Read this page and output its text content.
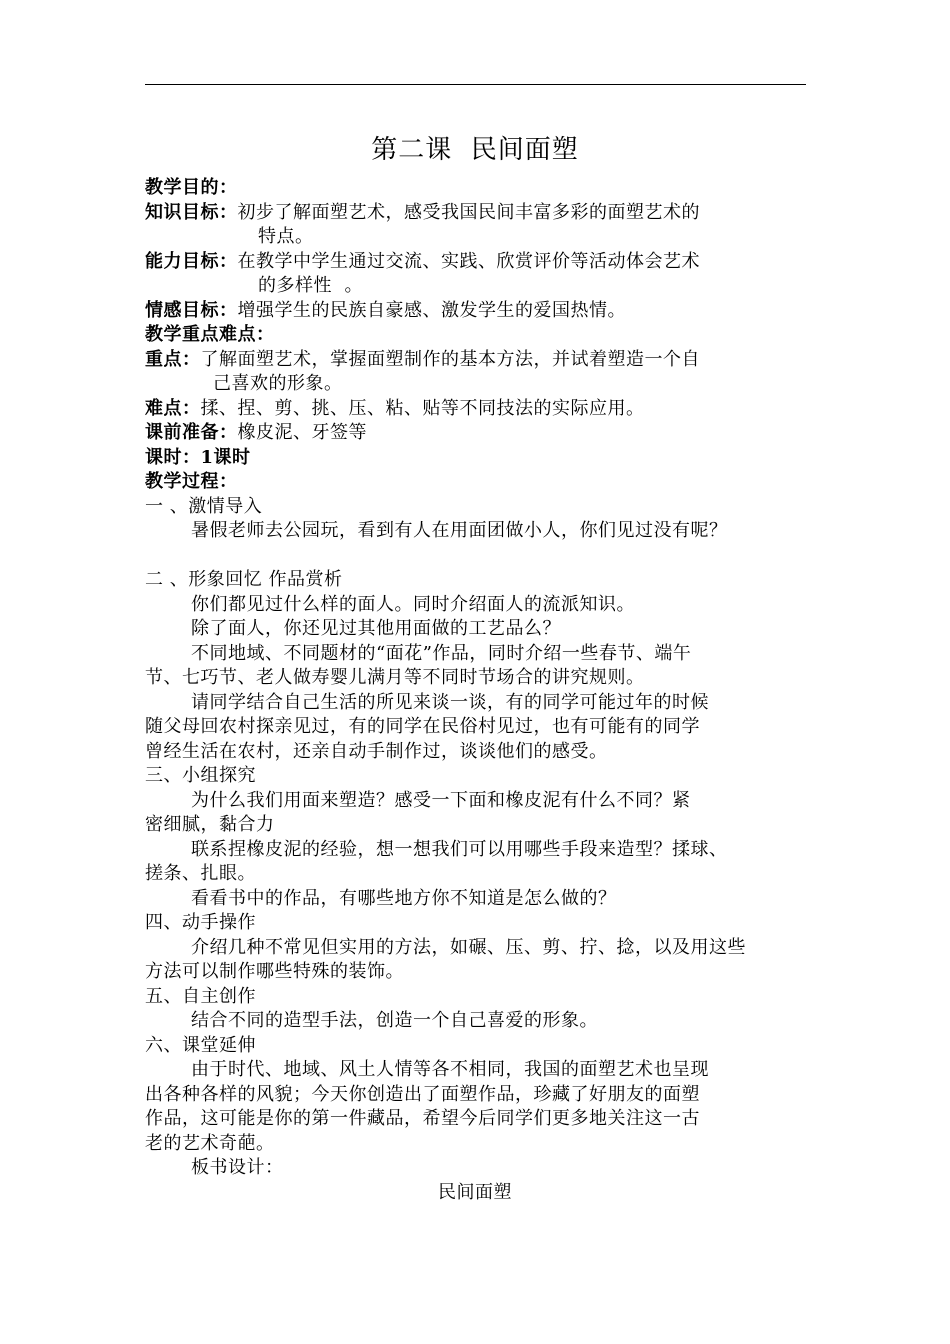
第二课  民间面塑
教学目的：
知识目标：初步了解面塑艺术，感受我国民间丰富多彩的面塑艺术的
特点。
能力目标：在教学中学生通过交流、实践、欣赏评价等活动体会艺术
的多样性  。
情感目标：增强学生的民族自豪感、激发学生的爱国热情。
教学重点难点：
重点：了解面塑艺术，掌握面塑制作的基本方法，并试着塑造一个自
己喜欢的形象。
难点：揉、捏、剪、挑、压、粘、贴等不同技法的实际应用。
课前准备：橡皮泥、牙签等
课时：1课时
教学过程：
一 、激情导入
暑假老师去公园玩，看到有人在用面团做小人，你们见过没有呢？
二 、形象回忆 作品赏析
你们都见过什么样的面人。同时介绍面人的流派知识。
除了面人，你还见过其他用面做的工艺品么？
不同地域、不同题材的“面花”作品，同时介绍一些春节、端午
节、七巧节、老人做寿婴儿满月等不同时节场合的讲究规则。
请同学结合自己生活的所见来谈一谈，有的同学可能过年的时候
随父母回农村探亲见过，有的同学在民俗村见过，也有可能有的同学
曾经生活在农村，还亲自动手制作过，谈谈他们的感受。
三、小组探究
为什么我们用面来塑造？感受一下面和橡皮泥有什么不同？紧
密细腻，黏合力
联系捏橡皮泥的经验，想一想我们可以用哪些手段来造型？揉球、
搓条、扎眼。
看看书中的作品，有哪些地方你不知道是怎么做的？
四、动手操作
介绍几种不常见但实用的方法，如碾、压、剪、拧、捻，以及用这些
方法可以制作哪些特殊的装饰。
五、自主创作
结合不同的造型手法，创造一个自己喜爱的形象。
六、课堂延伸
由于时代、地域、风土人情等各不相同，我国的面塑艺术也呈现
出各种各样的风貌；今天你创造出了面塑作品，珍藏了好朋友的面塑
作品，这可能是你的第一件藏品，希望今后同学们更多地关注这一古
老的艺术奇葩。
板书设计：
民间面塑
